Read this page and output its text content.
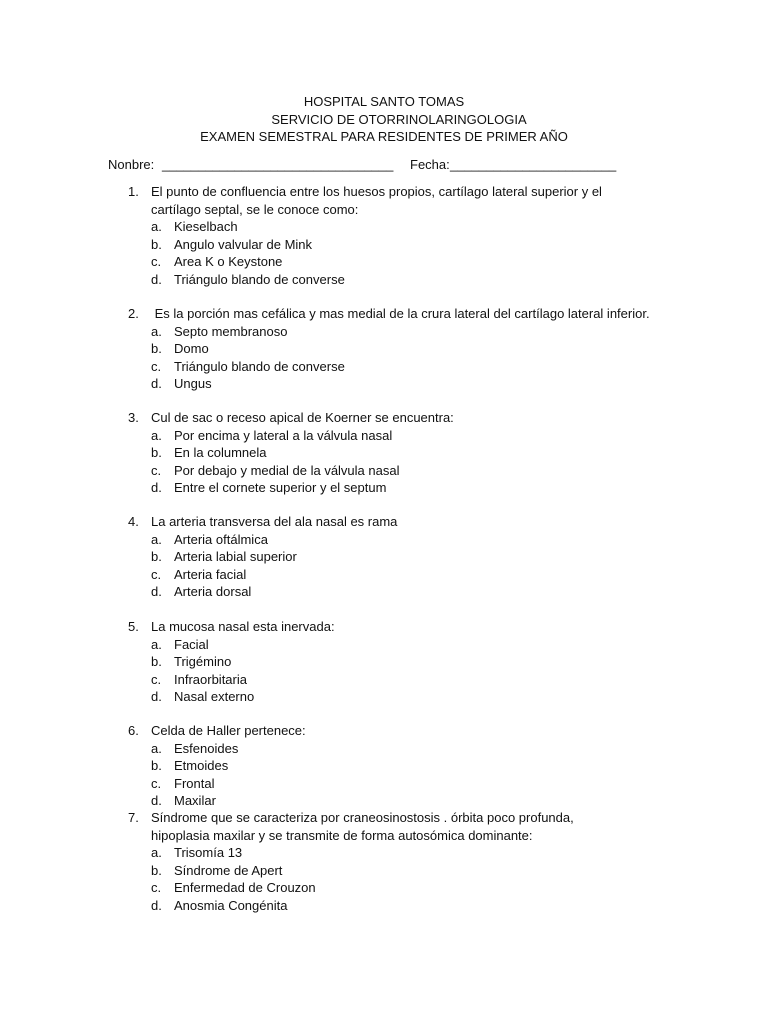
HOSPITAL SANTO TOMAS
SERVICIO DE OTORRINOLARINGOLOGIA
EXAMEN SEMESTRAL PARA RESIDENTES DE PRIMER AÑO
Nonbre: ________________________________ Fecha: _______________________
1. El punto de confluencia entre los huesos propios, cartílago lateral superior y el cartílago septal, se le conoce como:
a. Kieselbach
b. Angulo valvular de Mink
c. Area K o Keystone
d. Triángulo blando de converse
2. Es la porción mas cefálica y mas medial de la crura lateral del cartílago lateral inferior.
a. Septo membranoso
b. Domo
c. Triángulo blando de converse
d. Ungus
3. Cul de sac o receso apical de Koerner se encuentra:
a. Por encima y lateral a la válvula nasal
b. En la columnela
c. Por debajo y medial de la válvula nasal
d. Entre el cornete superior y el septum
4. La arteria transversa del ala nasal es rama
a. Arteria oftálmica
b. Arteria labial superior
c. Arteria facial
d. Arteria dorsal
5. La mucosa nasal esta inervada:
a. Facial
b. Trigémino
c. Infraorbitaria
d. Nasal externo
6. Celda de Haller pertenece:
a. Esfenoides
b. Etmoides
c. Frontal
d. Maxilar
7. Síndrome que se caracteriza por craneosinostosis . órbita poco profunda, hipoplasia maxilar y se transmite de forma autosómica dominante:
a. Trisomía 13
b. Síndrome de Apert
c. Enfermedad de Crouzon
d. Anosmia Congénita
